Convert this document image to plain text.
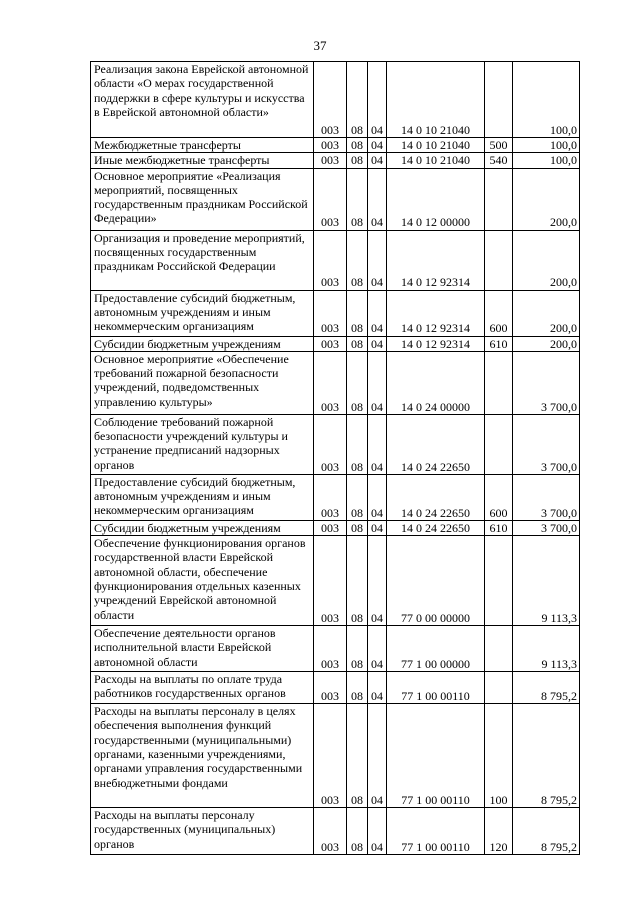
37
Реализация закона Еврейской автономной области «О мерах государственной поддержки в сфере культуры и искусства в Еврейской автономной области»	003	08	04	14 0 10 21040		100,0
Межбюджетные трансферты	003	08	04	14 0 10 21040	500	100,0
Иные межбюджетные трансферты	003	08	04	14 0 10 21040	540	100,0
Основное мероприятие «Реализация мероприятий, посвященных государственным праздникам Российской Федерации»	003	08	04	14 0 12 00000		200,0
Организация и проведение мероприятий, посвященных государственным праздникам Российской Федерации	003	08	04	14 0 12 92314		200,0
Предоставление субсидий бюджетным, автономным учреждениям и иным некоммерческим организациям	003	08	04	14 0 12 92314	600	200,0
Субсидии бюджетным учреждениям	003	08	04	14 0 12 92314	610	200,0
Основное мероприятие «Обеспечение требований пожарной безопасности учреждений, подведомственных управлению культуры»	003	08	04	14 0 24 00000		3 700,0
Соблюдение требований пожарной безопасности учреждений культуры и устранение предписаний надзорных органов	003	08	04	14 0 24 22650		3 700,0
Предоставление субсидий бюджетным, автономным учреждениям и иным некоммерческим организациям	003	08	04	14 0 24 22650	600	3 700,0
Субсидии бюджетным учреждениям	003	08	04	14 0 24 22650	610	3 700,0
Обеспечение функционирования органов государственной власти Еврейской автономной области, обеспечение функционирования отдельных казенных учреждений Еврейской автономной области	003	08	04	77 0 00 00000		9 113,3
Обеспечение деятельности органов исполнительной власти Еврейской автономной области	003	08	04	77 1 00 00000		9 113,3
Расходы на выплаты по оплате труда работников государственных органов	003	08	04	77 1 00 00110		8 795,2
Расходы на выплаты персоналу в целях обеспечения выполнения функций государственными (муниципальными) органами, казенными учреждениями, органами управления государственными внебюджетными фондами	003	08	04	77 1 00 00110	100	8 795,2
Расходы на выплаты персоналу государственных (муниципальных) органов	003	08	04	77 1 00 00110	120	8 795,2
